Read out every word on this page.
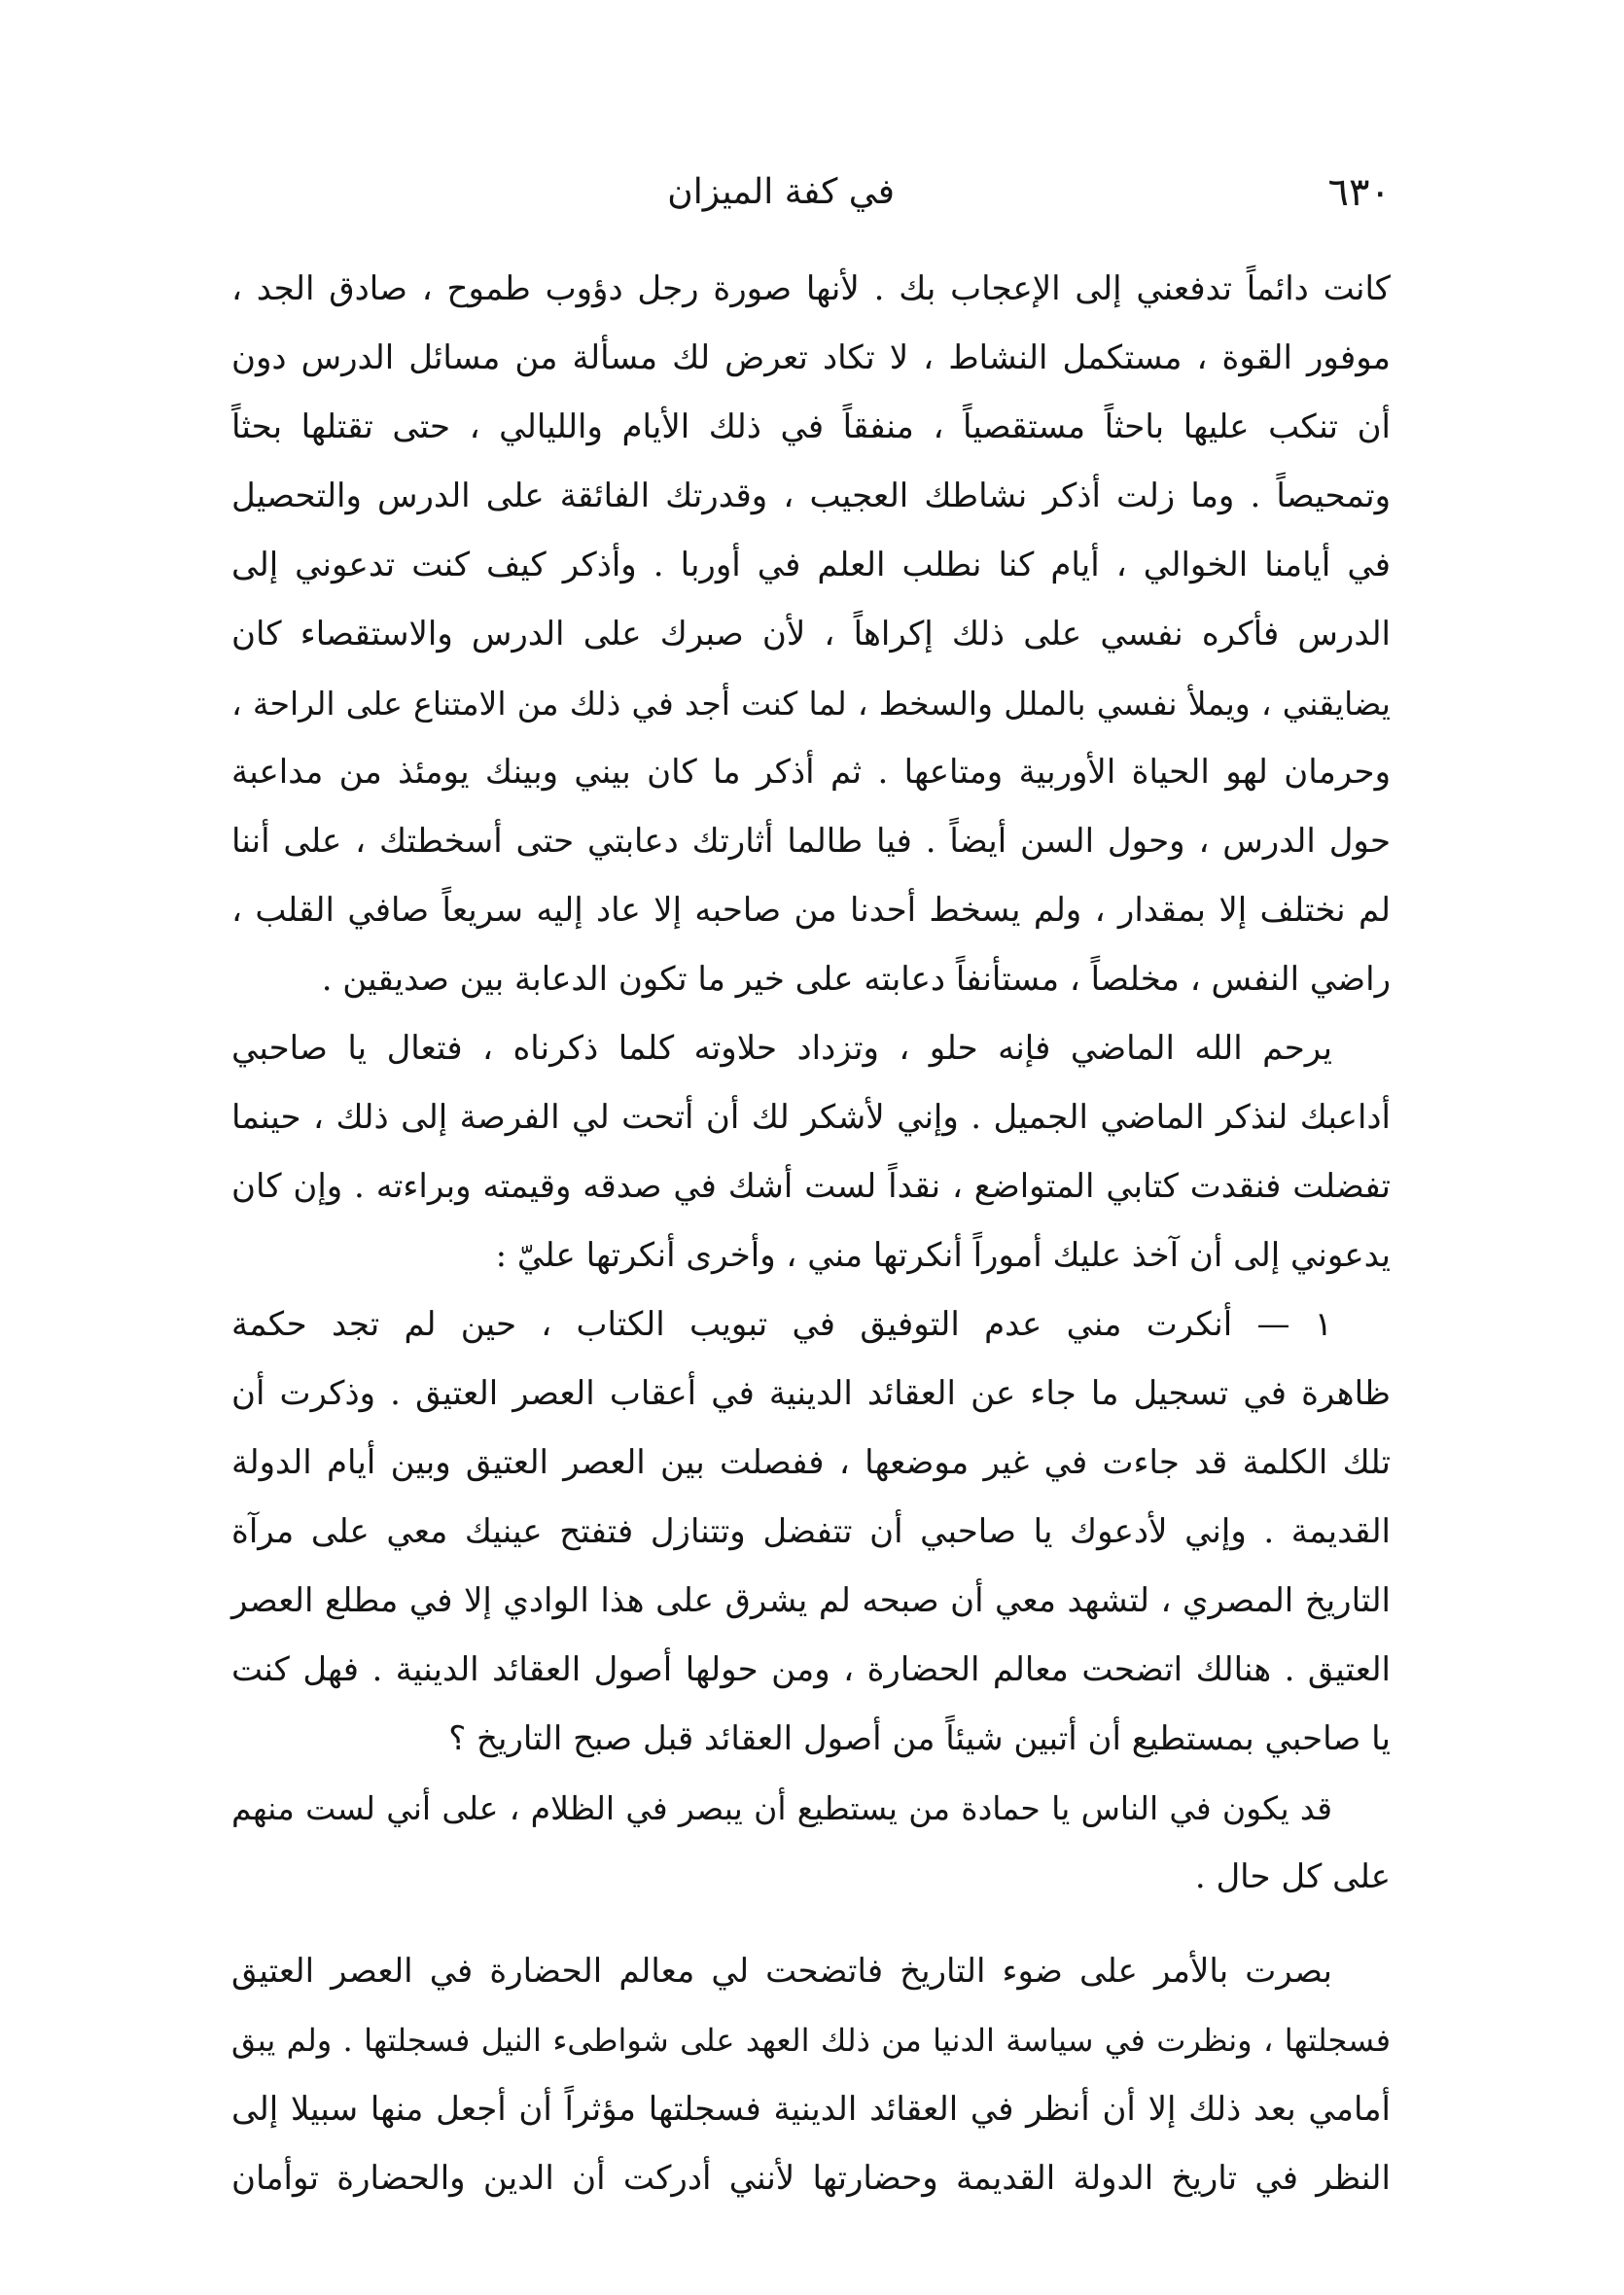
٦٣٠
في كفة الميزان
كانت دائماً تدفعني إلى الإعجاب بك . لأنها صورة رجل دؤوب طموح ، صادق الجد ،
موفور القوة ، مستكمل النشاط ، لا تكاد تعرض لك مسألة من مسائل الدرس دون
أن تنكب عليها باحثاً مستقصياً ، منفقاً في ذلك الأيام والليالي ، حتى تقتلها بحثاً
وتمحيصاً . وما زلت أذكر نشاطك العجيب ، وقدرتك الفائقة على الدرس والتحصيل
في أيامنا الخوالي ، أيام كنا نطلب العلم في أوربا . وأذكر كيف كنت تدعوني إلى
الدرس فأكره نفسي على ذلك إكراهاً ، لأن صبرك على الدرس والاستقصاء كان
يضايقني ، ويملأ نفسي بالملل والسخط ، لما كنت أجد في ذلك من الامتناع على الراحة ،
وحرمان لهو الحياة الأوربية ومتاعها . ثم أذكر ما كان بيني وبينك يومئذ من مداعبة
حول الدرس ، وحول السن أيضاً . فيا طالما أثارتك دعابتي حتى أسخطتك ، على أننا
لم نختلف إلا بمقدار ، ولم يسخط أحدنا من صاحبه إلا عاد إليه سريعاً صافي القلب ،
راضي النفس ، مخلصاً ، مستأنفاً دعابته على خير ما تكون الدعابة بين صديقين .
يرحم الله الماضي فإنه حلو ، وتزداد حلاوته كلما ذكرناه ، فتعال يا صاحبي
أداعبك لنذكر الماضي الجميل . وإني لأشكر لك أن أتحت لي الفرصة إلى ذلك ، حينما
تفضلت فنقدت كتابي المتواضع ، نقداً لست أشك في صدقه وقيمته وبراءته . وإن كان
يدعوني إلى أن آخذ عليك أموراً أنكرتها مني ، وأخرى أنكرتها عليّ :
١ — أنكرت مني عدم التوفيق في تبويب الكتاب ، حين لم تجد حكمة
ظاهرة في تسجيل ما جاء عن العقائد الدينية في أعقاب العصر العتيق . وذكرت أن
تلك الكلمة قد جاءت في غير موضعها ، ففصلت بين العصر العتيق وبين أيام الدولة
القديمة . وإني لأدعوك يا صاحبي أن تتفضل وتتنازل فتفتح عينيك معي على مرآة
التاريخ المصري ، لتشهد معي أن صبحه لم يشرق على هذا الوادي إلا في مطلع العصر
العتيق . هنالك اتضحت معالم الحضارة ، ومن حولها أصول العقائد الدينية . فهل كنت
يا صاحبي بمستطيع أن أتبين شيئاً من أصول العقائد قبل صبح التاريخ ؟
قد يكون في الناس يا حمادة من يستطيع أن يبصر في الظلام ، على أني لست منهم
على كل حال .
بصرت بالأمر على ضوء التاريخ فاتضحت لي معالم الحضارة في العصر العتيق
فسجلتها ، ونظرت في سياسة الدنيا من ذلك العهد على شواطىء النيل فسجلتها . ولم يبق
أمامي بعد ذلك إلا أن أنظر في العقائد الدينية فسجلتها مؤثراً أن أجعل منها سبيلا إلى
النظر في تاريخ الدولة القديمة وحضارتها لأنني أدركت أن الدين والحضارة توأمان
